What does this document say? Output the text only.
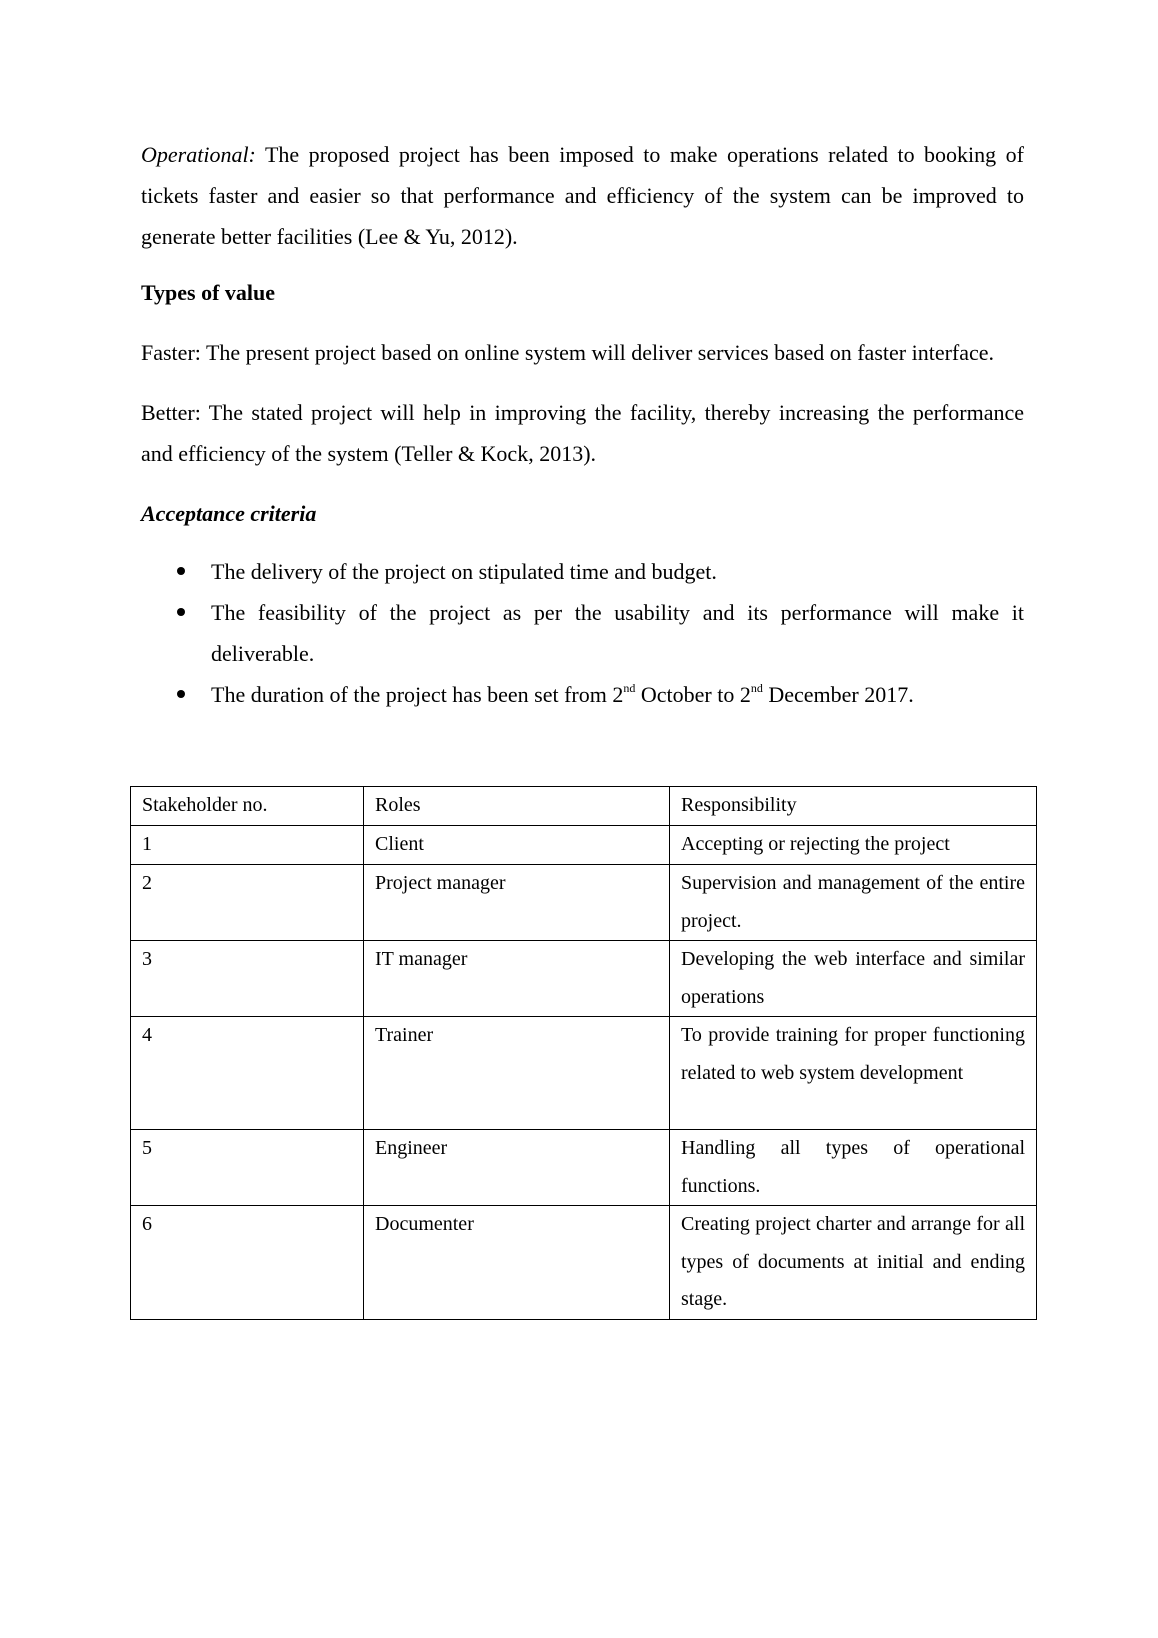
Operational: The proposed project has been imposed to make operations related to booking of tickets faster and easier so that performance and efficiency of the system can be improved to generate better facilities (Lee & Yu, 2012).

Types of value

Faster: The present project based on online system will deliver services based on faster interface.

Better: The stated project will help in improving the facility, thereby increasing the performance and efficiency of the system (Teller & Kock, 2013).

Acceptance criteria
The delivery of the project on stipulated time and budget.
The feasibility of the project as per the usability and its performance will make it deliverable.
The duration of the project has been set from 2nd October to 2nd December 2017.
Stakeholder no.	Roles	Responsibility
1	Client	Accepting or rejecting the project
2	Project manager	Supervision and management of the entire project.
3	IT manager	Developing the web interface and similar operations
4	Trainer	To provide training for proper functioning related to web system development
5	Engineer	Handling all types of operational functions.
6	Documenter	Creating project charter and arrange for all types of documents at initial and ending stage.
